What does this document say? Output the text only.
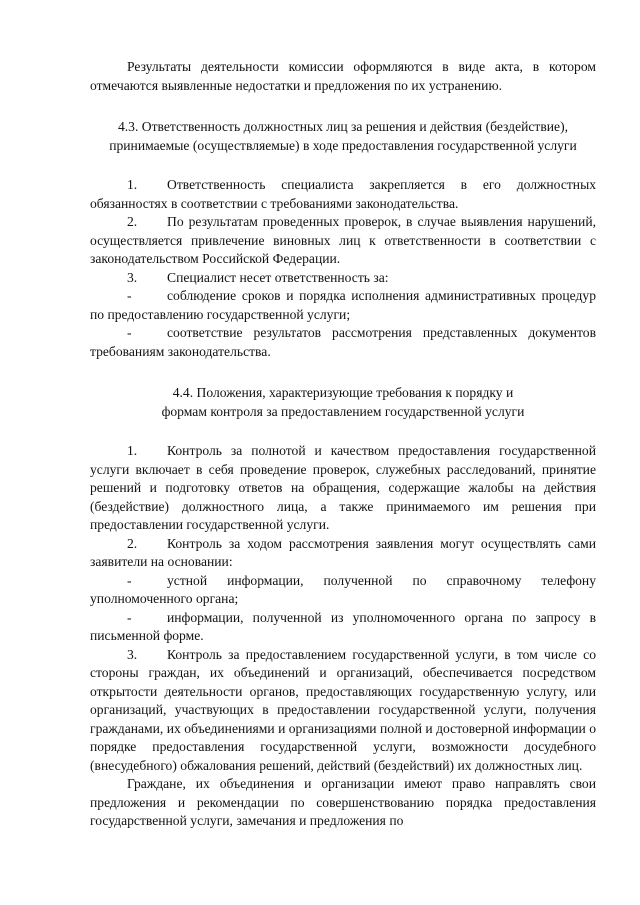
Результаты деятельности комиссии оформляются в виде акта, в котором отмечаются выявленные недостатки и предложения по их устранению.

4.3. Ответственность должностных лиц за решения и действия (бездействие), принимаемые (осуществляемые) в ходе предоставления государственной услуги

1. Ответственность специалиста закрепляется в его должностных обязанностях в соответствии с требованиями законодательства.

2. По результатам проведенных проверок, в случае выявления нарушений, осуществляется привлечение виновных лиц к ответственности в соответствии с законодательством Российской Федерации.

3. Специалист несет ответственность за:

-	соблюдение сроков и порядка исполнения административных процедур по предоставлению государственной услуги;

-	соответствие результатов рассмотрения представленных документов требованиям законодательства.

4.4. Положения, характеризующие требования к порядку и

формам контроля за предоставлением государственной услуги

1. Контроль за полнотой и качеством предоставления государственной услуги включает в себя проведение проверок, служебных расследований, принятие решений и подготовку ответов на обращения, содержащие жалобы на действия (бездействие) должностного лица, а также принимаемого им решения при предоставлении государственной услуги.

2. Контроль за ходом рассмотрения заявления могут осуществлять сами заявители на основании:

-	устной информации, полученной по справочному телефону уполномоченного органа;

-	информации, полученной из уполномоченного органа по запросу в письменной форме.

3. Контроль за предоставлением государственной услуги, в том числе со стороны граждан, их объединений и организаций, обеспечивается посредством открытости деятельности органов, предоставляющих государственную услугу, или организаций, участвующих в предоставлении государственной услуги, получения гражданами, их объединениями и организациями полной и достоверной информации о порядке предоставления государственной услуги, возможности досудебного (внесудебного) обжалования решений, действий (бездействий) их должностных лиц.

Граждане, их объединения и организации имеют право направлять свои предложения и рекомендации по совершенствованию порядка предоставления государственной услуги, замечания и предложения по
